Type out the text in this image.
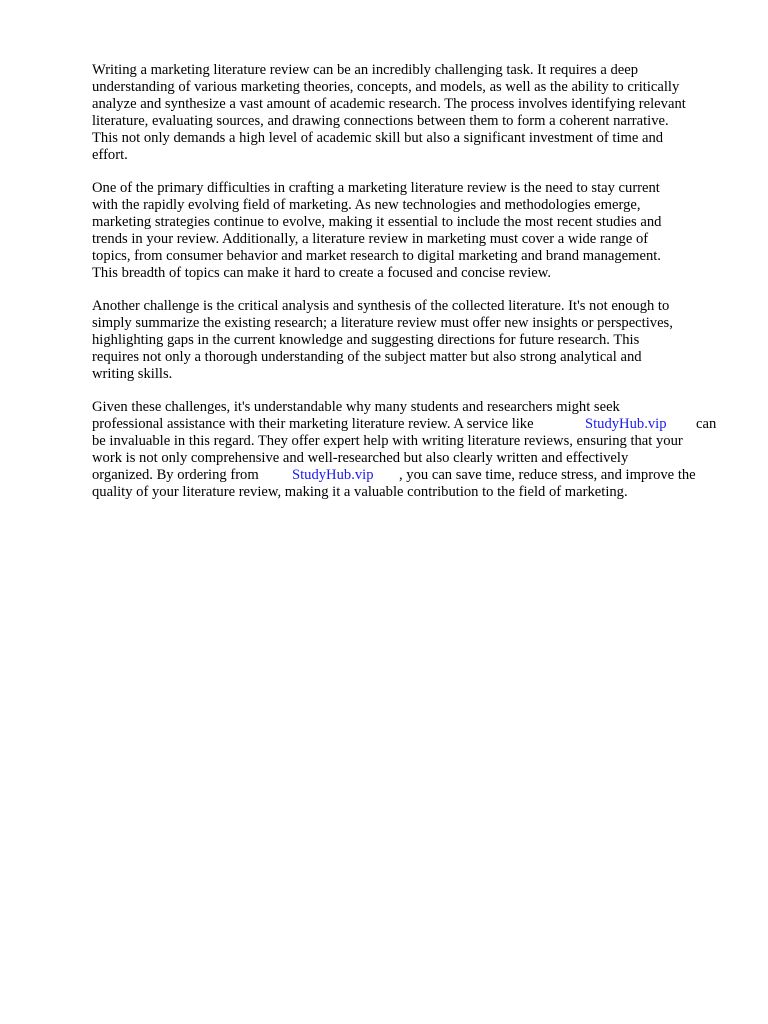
Writing a marketing literature review can be an incredibly challenging task. It requires a deep

understanding of various marketing theories, concepts, and models, as well as the ability to critically

analyze and synthesize a vast amount of academic research. The process involves identifying relevant

literature, evaluating sources, and drawing connections between them to form a coherent narrative.

This not only demands a high level of academic skill but also a significant investment of time and

effort.

One of the primary difficulties in crafting a marketing literature review is the need to stay current

with the rapidly evolving field of marketing. As new technologies and methodologies emerge,

marketing strategies continue to evolve, making it essential to include the most recent studies and

trends in your review. Additionally, a literature review in marketing must cover a wide range of

topics, from consumer behavior and market research to digital marketing and brand management.

This breadth of topics can make it hard to create a focused and concise review.

Another challenge is the critical analysis and synthesis of the collected literature. It's not enough to

simply summarize the existing research; a literature review must offer new insights or perspectives,

highlighting gaps in the current knowledge and suggesting directions for future research. This

requires not only a thorough understanding of the subject matter but also strong analytical and

writing skills.

Given these challenges, it's understandable why many students and researchers might seek

professional assistance with their marketing literature review. A service like	StudyHub.vip can

be invaluable in this regard. They offer expert help with writing literature reviews, ensuring that your

work is not only comprehensive and well-researched but also clearly written and effectively

organized. By ordering from StudyHub.vip , you can save time, reduce stress, and improve the

quality of your literature review, making it a valuable contribution to the field of marketing.
